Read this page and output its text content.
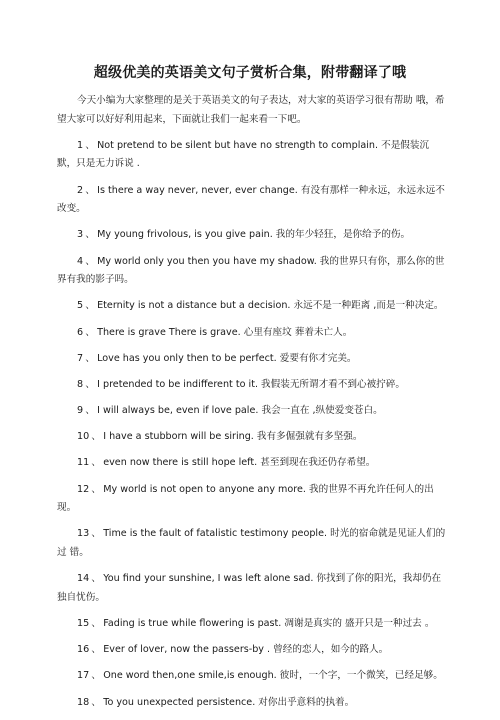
超级优美的英语美文句子赏析合集，附带翻译了哦

今天小编为大家整理的是关于英语美文的句子表达，对大家的英语学习很有帮助 哦，希望大家可以好好利用起来，下面就让我们一起来看一下吧。

1 、 Not pretend to be silent but have no strength to complain. 不是假装沉默，只是无力诉说 .

2 、 Is there a way never, never, ever change. 有没有那样一种永远，永远永远不 改变。

3 、 My young frivolous, is you give pain. 我的年少轻狂，是你给予的伤。

4 、 My world only you then you have my shadow. 我的世界只有你，那么你的世 界有我的影子吗。

5 、 Eternity is not a distance but a decision. 永远不是一种距离 ,而是一种决定。

6 、 There is grave There is grave. 心里有座坟 葬着未亡人。

7 、 Love has you only then to be perfect. 爱要有你才完美。

8 、 I pretended to be indifferent to it. 我假装无所谓才看不到心被拧碎。

9 、 I will always be, even if love pale. 我会一直在 ,纵使爱变苍白。

10 、 I have a stubborn will be siring. 我有多倔强就有多坚强。

11 、 even now there is still hope left. 甚至到现在我还仍存希望。

12 、 My world is not open to anyone any more. 我的世界不再允许任何人的出现。

13 、 Time is the fault of fatalistic testimony people. 时光的宿命就是见证人们的过 错。

14 、 You find your sunshine, I was left alone sad. 你找到了你的阳光，我却仍在 独自忧伤。

15 、 Fading is true while flowering is past. 凋谢是真实的 盛开只是一种过去 。

16 、 Ever of lover, now the passers-by . 曾经的恋人，如今的路人。

17 、 One word then,one smile,is enough. 彼时，一个字，一个微笑，已经足够。

18 、 To you unexpected persistence. 对你出乎意料的执着。
